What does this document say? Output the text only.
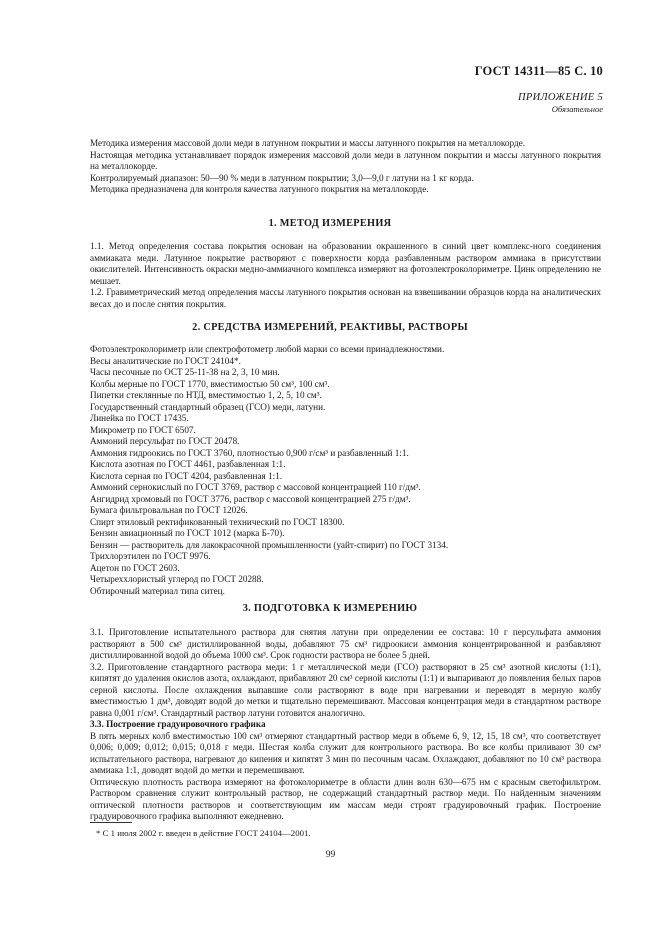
ГОСТ 14311—85 С. 10
ПРИЛОЖЕНИЕ 5
Обязательное

Методика измерения массовой доли меди в латунном покрытии и массы латунного покрытия на металлокорде.

Настоящая методика устанавливает порядок измерения массовой доли меди в латунном покрытии и массы латунного покрытия на металлокорде.

Контролируемый диапазон: 50—90 % меди в латунном покрытии; 3,0—9,0 г латуни на 1 кг корда.

Методика предназначена для контроля качества латунного покрытия на металлокорде.

1. МЕТОД ИЗМЕРЕНИЯ

1.1. Метод определения состава покрытия основан на образовании окрашенного в синий цвет комплекс-ного соединения аммиаката меди. Латунное покрытие растворяют с поверхности корда разбавленным раствором аммиака в присутствии окислителей. Интенсивность окраски медно-аммиачного комплекса измеряют на фотоэлектроколориметре. Цинк определению не мешает.

1.2. Гравиметрический метод определения массы латунного покрытия основан на взвешивании образцов корда на аналитических весах до и после снятия покрытия.

2. СРЕДСТВА ИЗМЕРЕНИЙ, РЕАКТИВЫ, РАСТВОРЫ
Фотоэлектроколориметр или спектрофотометр любой марки со всеми принадлежностями.
Весы аналитические по ГОСТ 24104*.
Часы песочные по ОСТ 25-11-38 на 2, 3, 10 мин.
Колбы мерные по ГОСТ 1770, вместимостью 50 см³, 100 см³.
Пипетки стеклянные по НТД, вместимостью 1, 2, 5, 10 см³.
Государственный стандартный образец (ГСО) меди, латуни.
Линейка по ГОСТ 17435.
Микрометр по ГОСТ 6507.
Аммоний персульфат по ГОСТ 20478.
Аммония гидроокись по ГОСТ 3760, плотностью 0,900 г/см³ и разбавленный 1:1.
Кислота азотная по ГОСТ 4461, разбавленная 1:1.
Кислота серная по ГОСТ 4204, разбавленная 1:1.
Аммоний сернокислый по ГОСТ 3769, раствор с массовой концентрацией 110 г/дм³.
Ангидрид хромовый по ГОСТ 3776, раствор с массовой концентрацией 275 г/дм³.
Бумага фильтровальная по ГОСТ 12026.
Спирт этиловый ректификованный технический по ГОСТ 18300.
Бензин авиационный по ГОСТ 1012 (марка Б-70).
Бензин — растворитель для лакокрасочной промышленности (уайт-спирит) по ГОСТ 3134.
Трихлорэтилен по ГОСТ 9976.
Ацетон по ГОСТ 2603.
Четыреххлористый углерод по ГОСТ 20288.
Обтирочный материал типа ситец.
3. ПОДГОТОВКА К ИЗМЕРЕНИЮ

3.1. Приготовление испытательного раствора для снятия латуни при определении ее состава: 10 г персульфата аммония растворяют в 500 см³ дистиллированной воды, добавляют 75 см³ гидроокиси аммония концентрированной и разбавляют дистиллированной водой до объема 1000 см³. Срок годности раствора не более 5 дней.

3.2. Приготовление стандартного раствора меди: 1 г металлической меди (ГСО) растворяют в 25 см³ азотной кислоты (1:1), кипятят до удаления окислов азота, охлаждают, прибавляют 20 см³ серной кислоты (1:1) и выпаривают до появления белых паров серной кислоты. После охлаждения выпавшие соли растворяют в воде при нагревании и переводят в мерную колбу вместимостью 1 дм³, доводят водой до метки и тщательно перемешивают. Массовая концентрация меди в стандартном растворе равна 0,001 г/см³. Стандартный раствор латуни готовится аналогично.

3.3. Построение градуировочного графика

В пять мерных колб вместимостью 100 см³ отмеряют стандартный раствор меди в объеме 6, 9, 12, 15, 18 см³, что соответствует 0,006; 0,009; 0,012; 0,015; 0,018 г меди. Шестая колба служит для контрольного раствора. Во все колбы приливают 30 см³ испытательного раствора, нагревают до кипения и кипятят 3 мин по песочным часам. Охлаждают, добавляют по 10 см³ раствора аммиака 1:1, доводят водой до метки и перемешивают.

Оптическую плотность раствора измеряют на фотоколориметре в области длин волн 630—675 нм с красным светофильтром. Раствором сравнения служит контрольный раствор, не содержащий стандартный раствор меди. По найденным значениям оптической плотности растворов и соответствующим им массам меди строят градуировочный график. Построение градуировочного графика выполняют ежедневно.

* С 1 июля 2002 г. введен в действие ГОСТ 24104—2001.
99
